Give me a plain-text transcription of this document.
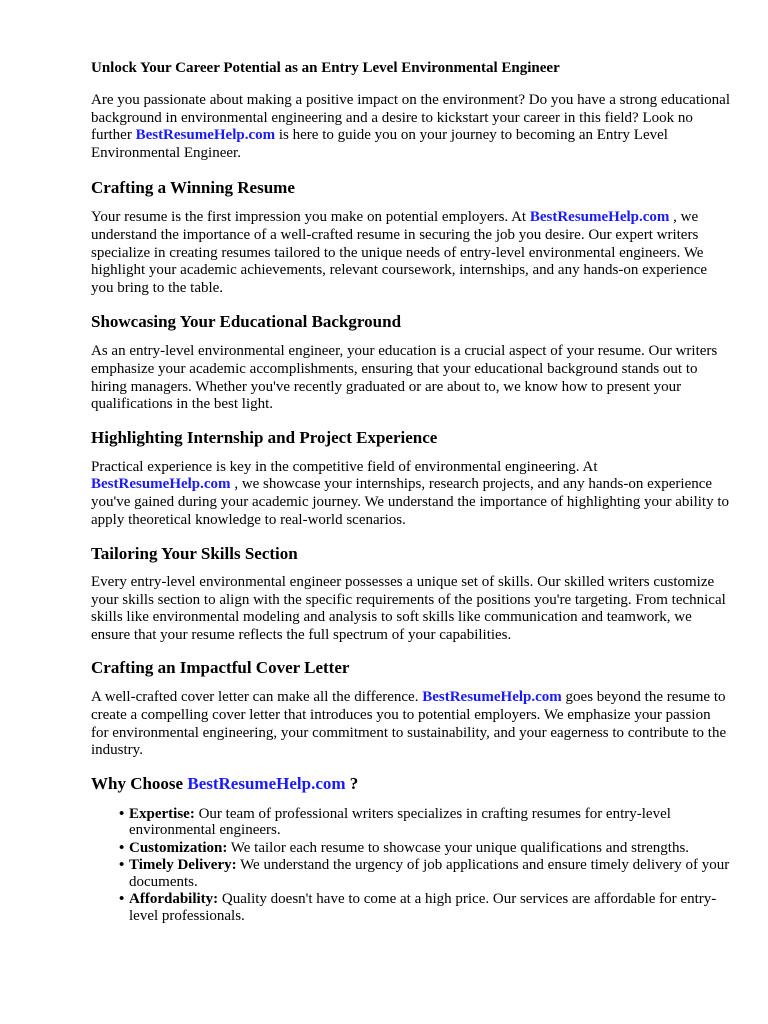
Unlock Your Career Potential as an Entry Level Environmental Engineer

Are you passionate about making a positive impact on the environment? Do you have a strong educational background in environmental engineering and a desire to kickstart your career in this field? Look no further BestResumeHelp.com is here to guide you on your journey to becoming an Entry Level Environmental Engineer.

Crafting a Winning Resume

Your resume is the first impression you make on potential employers. At BestResumeHelp.com , we understand the importance of a well-crafted resume in securing the job you desire. Our expert writers specialize in creating resumes tailored to the unique needs of entry-level environmental engineers. We highlight your academic achievements, relevant coursework, internships, and any hands-on experience you bring to the table.

Showcasing Your Educational Background

As an entry-level environmental engineer, your education is a crucial aspect of your resume. Our writers emphasize your academic accomplishments, ensuring that your educational background stands out to hiring managers. Whether you've recently graduated or are about to, we know how to present your qualifications in the best light.

Highlighting Internship and Project Experience

Practical experience is key in the competitive field of environmental engineering. At BestResumeHelp.com , we showcase your internships, research projects, and any hands-on experience you've gained during your academic journey. We understand the importance of highlighting your ability to apply theoretical knowledge to real-world scenarios.

Tailoring Your Skills Section

Every entry-level environmental engineer possesses a unique set of skills. Our skilled writers customize your skills section to align with the specific requirements of the positions you're targeting. From technical skills like environmental modeling and analysis to soft skills like communication and teamwork, we ensure that your resume reflects the full spectrum of your capabilities.

Crafting an Impactful Cover Letter

A well-crafted cover letter can make all the difference. BestResumeHelp.com goes beyond the resume to create a compelling cover letter that introduces you to potential employers. We emphasize your passion for environmental engineering, your commitment to sustainability, and your eagerness to contribute to the industry.

Why Choose BestResumeHelp.com ?
• Expertise: Our team of professional writers specializes in crafting resumes for entry-level environmental engineers.
• Customization: We tailor each resume to showcase your unique qualifications and strengths.
• Timely Delivery: We understand the urgency of job applications and ensure timely delivery of your documents.
• Affordability: Quality doesn't have to come at a high price. Our services are affordable for entry-level professionals.
